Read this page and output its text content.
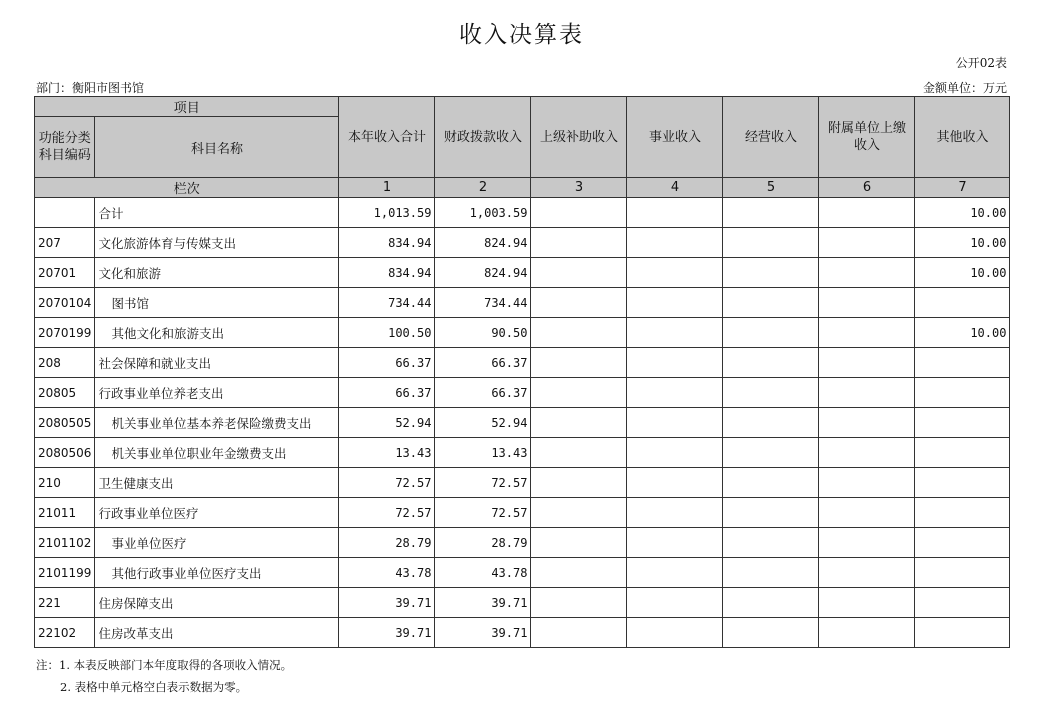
收入决算表
公开02表
部门：衡阳市图书馆	金额单位：万元
项目		本年收入合计	财政拨款收入	上级补助收入	事业收入	经营收入	附属单位上缴收入	其他收入
功能分类科目编码	科目名称							
栏次		1	2	3	4	5	6	7
	合计	1,013.59	1,003.59					10.00
207	文化旅游体育与传媒支出	834.94	824.94					10.00
20701	文化和旅游	834.94	824.94					10.00
2070104	图书馆	734.44	734.44					
2070199	其他文化和旅游支出	100.50	90.50					10.00
208	社会保障和就业支出	66.37	66.37					
20805	行政事业单位养老支出	66.37	66.37					
2080505	机关事业单位基本养老保险缴费支出	52.94	52.94					
2080506	机关事业单位职业年金缴费支出	13.43	13.43					
210	卫生健康支出	72.57	72.57					
21011	行政事业单位医疗	72.57	72.57					
2101102	事业单位医疗	28.79	28.79					
2101199	其他行政事业单位医疗支出	43.78	43.78					
221	住房保障支出	39.71	39.71					
22102	住房改革支出	39.71	39.71					
注：1. 本表反映部门本年度取得的各项收入情况。
2. 表格中单元格空白表示数据为零。
